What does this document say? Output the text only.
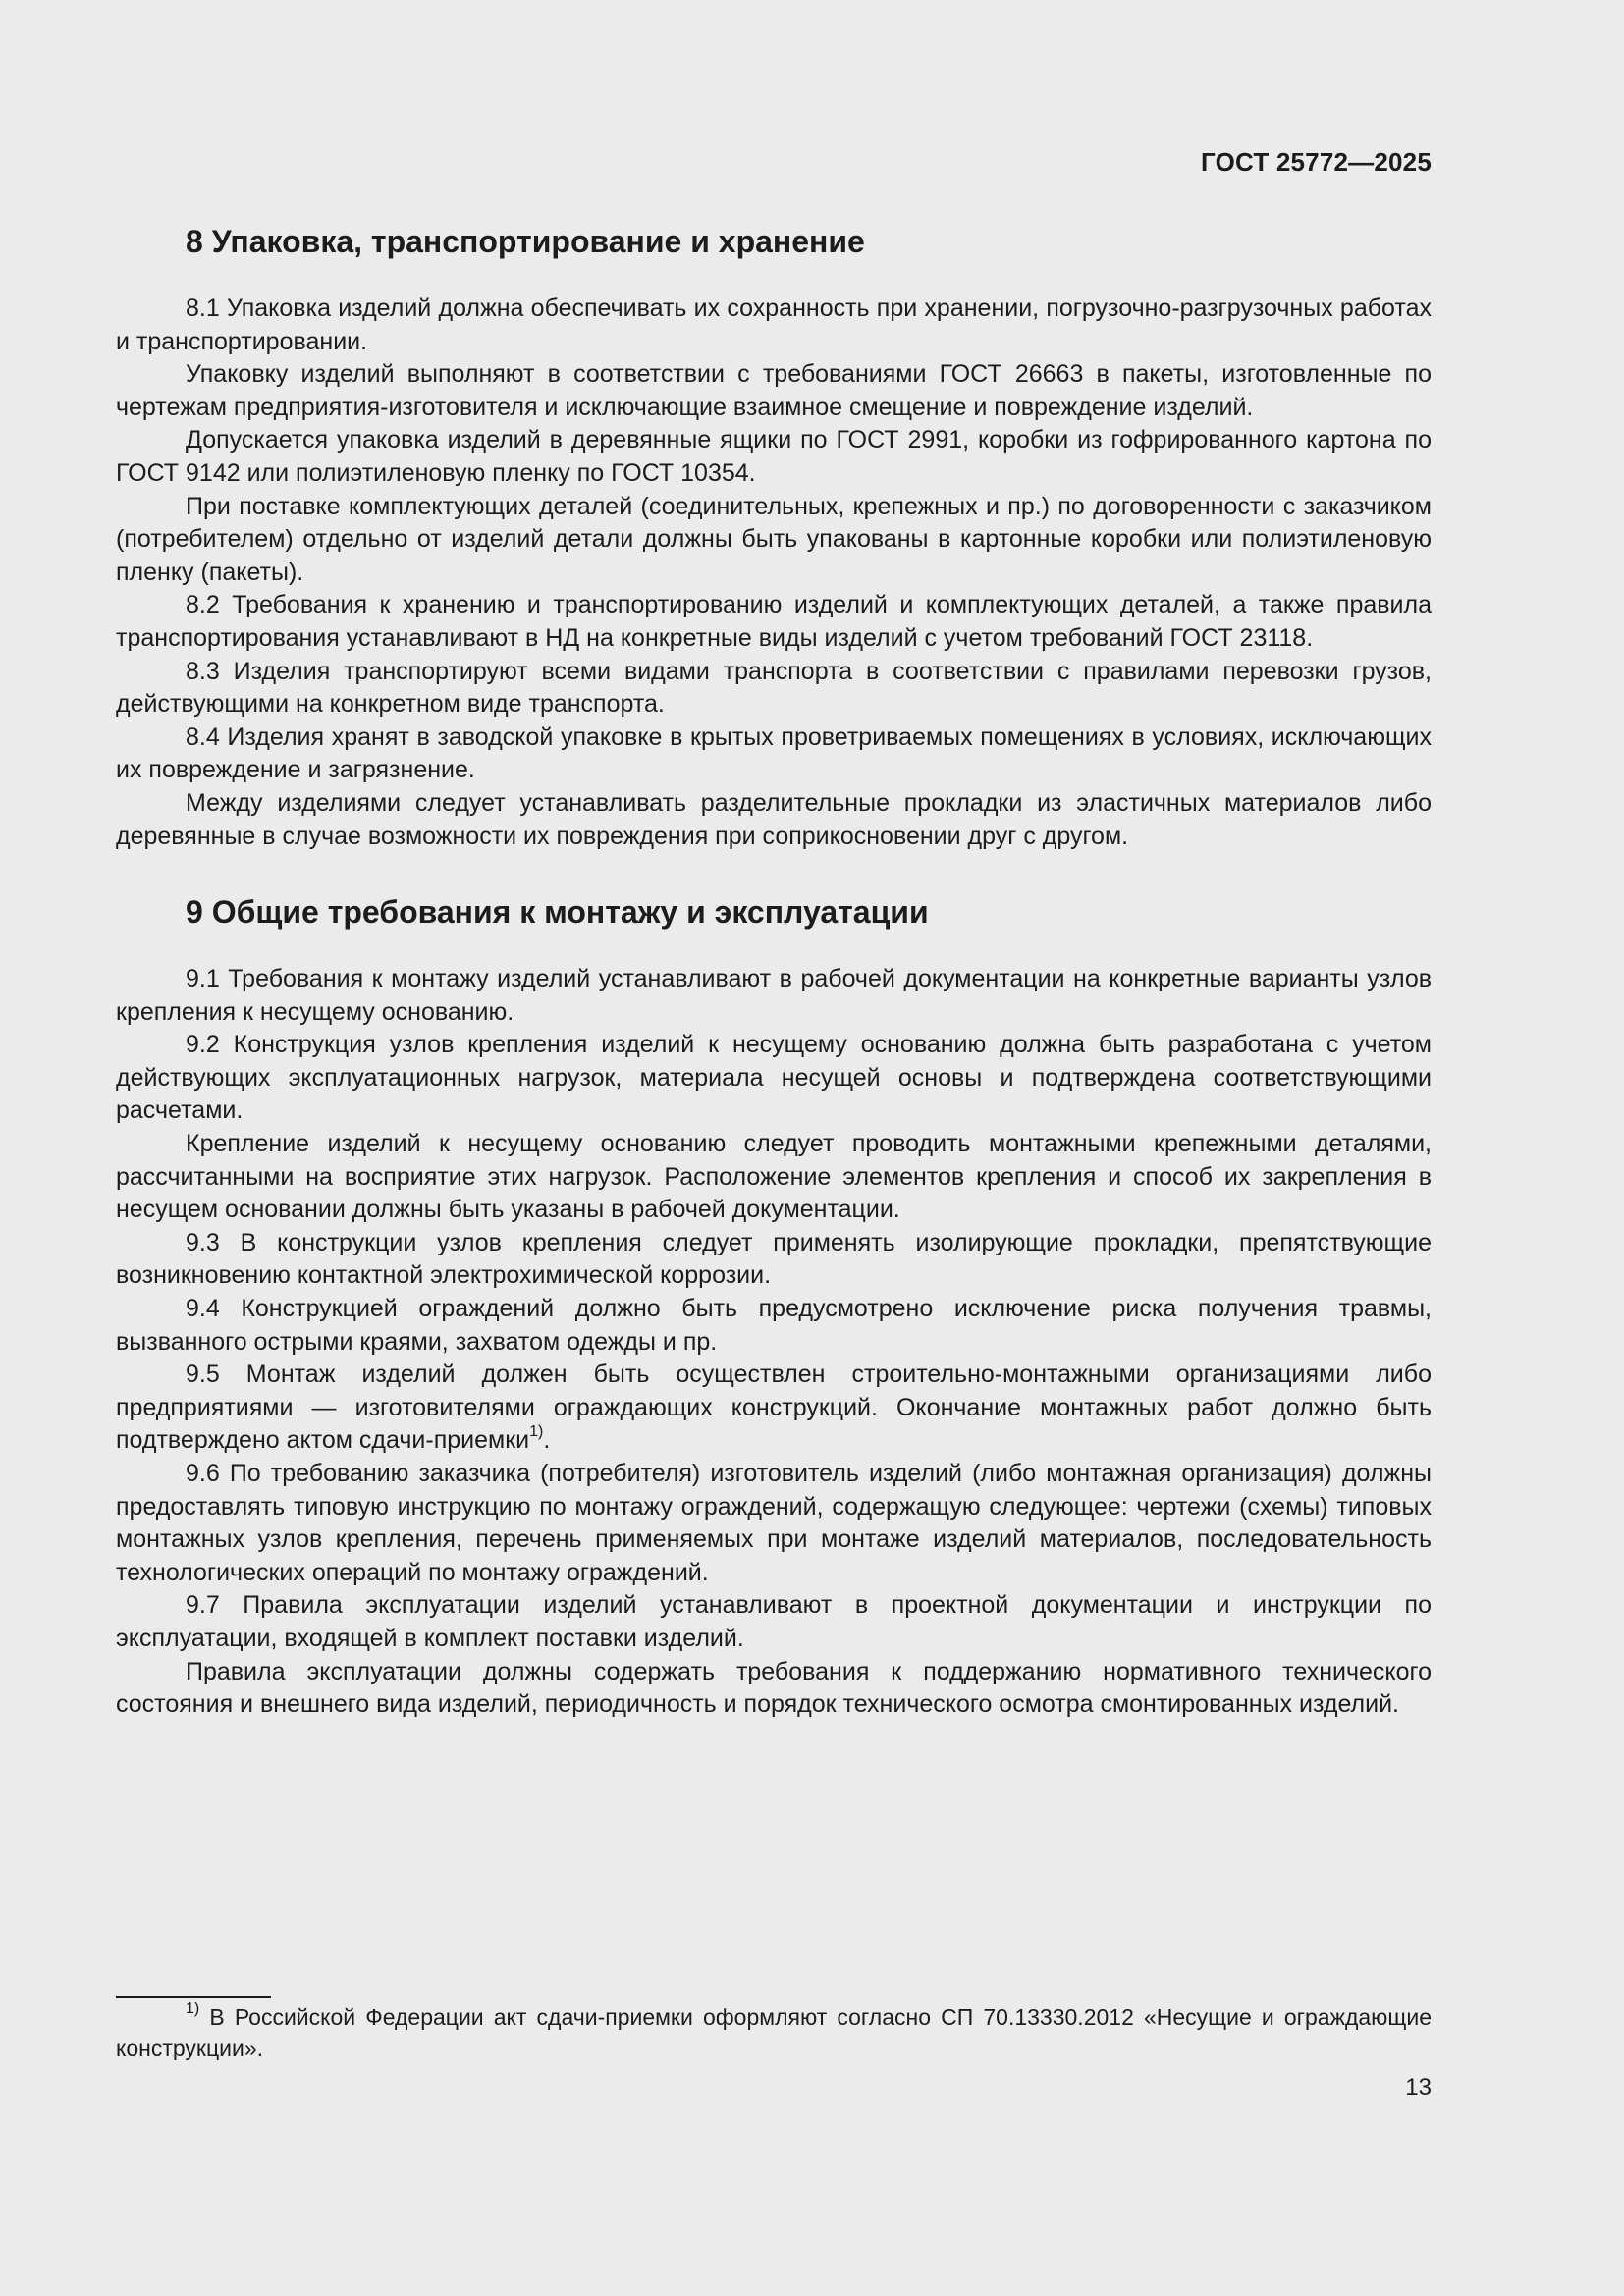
ГОСТ 25772—2025
8 Упаковка, транспортирование и хранение

8.1 Упаковка изделий должна обеспечивать их сохранность при хранении, погрузочно-разгрузочных работах и транспортировании.

Упаковку изделий выполняют в соответствии с требованиями ГОСТ 26663 в пакеты, изготовленные по чертежам предприятия-изготовителя и исключающие взаимное смещение и повреждение изделий.

Допускается упаковка изделий в деревянные ящики по ГОСТ 2991, коробки из гофрированного картона по ГОСТ 9142 или полиэтиленовую пленку по ГОСТ 10354.

При поставке комплектующих деталей (соединительных, крепежных и пр.) по договоренности с заказчиком (потребителем) отдельно от изделий детали должны быть упакованы в картонные коробки или полиэтиленовую пленку (пакеты).

8.2 Требования к хранению и транспортированию изделий и комплектующих деталей, а также правила транспортирования устанавливают в НД на конкретные виды изделий с учетом требований ГОСТ 23118.

8.3 Изделия транспортируют всеми видами транспорта в соответствии с правилами перевозки грузов, действующими на конкретном виде транспорта.

8.4 Изделия хранят в заводской упаковке в крытых проветриваемых помещениях в условиях, исключающих их повреждение и загрязнение.

Между изделиями следует устанавливать разделительные прокладки из эластичных материалов либо деревянные в случае возможности их повреждения при соприкосновении друг с другом.

9 Общие требования к монтажу и эксплуатации

9.1 Требования к монтажу изделий устанавливают в рабочей документации на конкретные варианты узлов крепления к несущему основанию.

9.2 Конструкция узлов крепления изделий к несущему основанию должна быть разработана с учетом действующих эксплуатационных нагрузок, материала несущей основы и подтверждена соответствующими расчетами.

Крепление изделий к несущему основанию следует проводить монтажными крепежными деталями, рассчитанными на восприятие этих нагрузок. Расположение элементов крепления и способ их закрепления в несущем основании должны быть указаны в рабочей документации.

9.3 В конструкции узлов крепления следует применять изолирующие прокладки, препятствующие возникновению контактной электрохимической коррозии.

9.4 Конструкцией ограждений должно быть предусмотрено исключение риска получения травмы, вызванного острыми краями, захватом одежды и пр.

9.5 Монтаж изделий должен быть осуществлен строительно-монтажными организациями либо предприятиями — изготовителями ограждающих конструкций. Окончание монтажных работ должно быть подтверждено актом сдачи-приемки$^{1)}$.

9.6 По требованию заказчика (потребителя) изготовитель изделий (либо монтажная организация) должны предоставлять типовую инструкцию по монтажу ограждений, содержащую следующее: чертежи (схемы) типовых монтажных узлов крепления, перечень применяемых при монтаже изделий материалов, последовательность технологических операций по монтажу ограждений.

9.7 Правила эксплуатации изделий устанавливают в проектной документации и инструкции по эксплуатации, входящей в комплект поставки изделий.

Правила эксплуатации должны содержать требования к поддержанию нормативного технического состояния и внешнего вида изделий, периодичность и порядок технического осмотра смонтированных изделий.

$^{1)}$ В Российской Федерации акт сдачи-приемки оформляют согласно СП 70.13330.2012 «Несущие и ограждающие конструкции».

13
